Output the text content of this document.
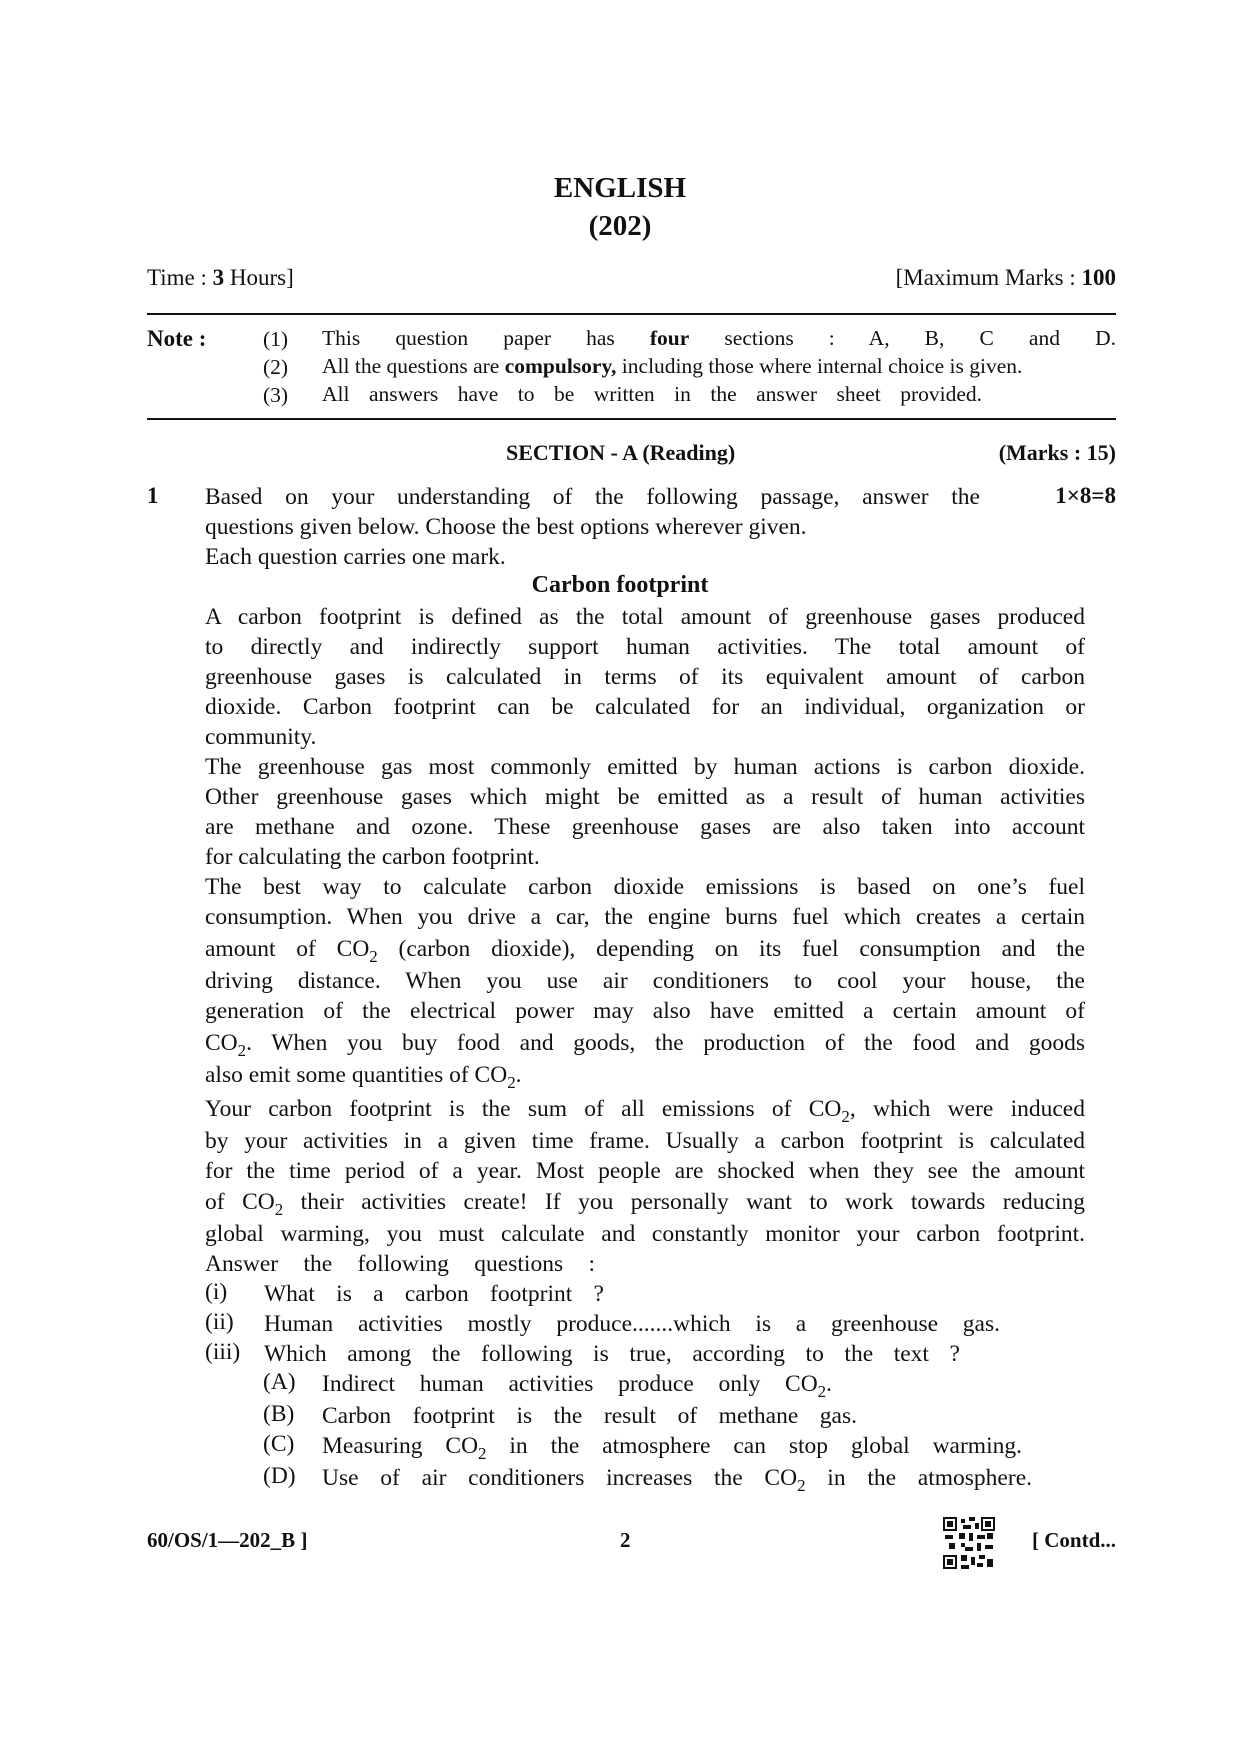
ENGLISH
(202)
Time : 3 Hours]	[Maximum Marks : 100
Note :	(1) This question paper has four sections : A, B, C and D.
(2) All the questions are compulsory, including those where internal choice is given.
(3) All answers have to be written in the answer sheet provided.
SECTION - A (Reading)	(Marks : 15)
1	1×8=8
Based on your understanding of the following passage, answer the
questions given below. Choose the best options wherever given.
Each question carries one mark.
Carbon footprint
A carbon footprint is defined as the total amount of greenhouse gases produced
to directly and indirectly support human activities. The total amount of
greenhouse gases is calculated in terms of its equivalent amount of carbon
dioxide. Carbon footprint can be calculated for an individual, organization or
community.
The greenhouse gas most commonly emitted by human actions is carbon dioxide.
Other greenhouse gases which might be emitted as a result of human activities
are methane and ozone. These greenhouse gases are also taken into account
for calculating the carbon footprint.
The best way to calculate carbon dioxide emissions is based on one’s fuel
consumption. When you drive a car, the engine burns fuel which creates a certain
amount of $CO_2$ (carbon dioxide), depending on its fuel consumption and the
driving distance. When you use air conditioners to cool your house, the
generation of the electrical power may also have emitted a certain amount of
$CO_2$. When you buy food and goods, the production of the food and goods
also emit some quantities of $CO_2$.
Your carbon footprint is the sum of all emissions of $CO_2$, which were induced
by your activities in a given time frame. Usually a carbon footprint is calculated
for the time period of a year. Most people are shocked when they see the amount
of $CO_2$ their activities create! If you personally want to work towards reducing
global warming, you must calculate and constantly monitor your carbon footprint.
Answer the following questions :
(i) What is a carbon footprint ?
(ii) Human activities mostly produce.......which is a greenhouse gas.
(iii) Which among the following is true, according to the text ?
(A) Indirect human activities produce only $CO_2$.
(B) Carbon footprint is the result of methane gas.
(C) Measuring $CO_2$ in the atmosphere can stop global warming.
(D) Use of air conditioners increases the $CO_2$ in the atmosphere.
60/OS/1—202_B ]	2	[ Contd...
